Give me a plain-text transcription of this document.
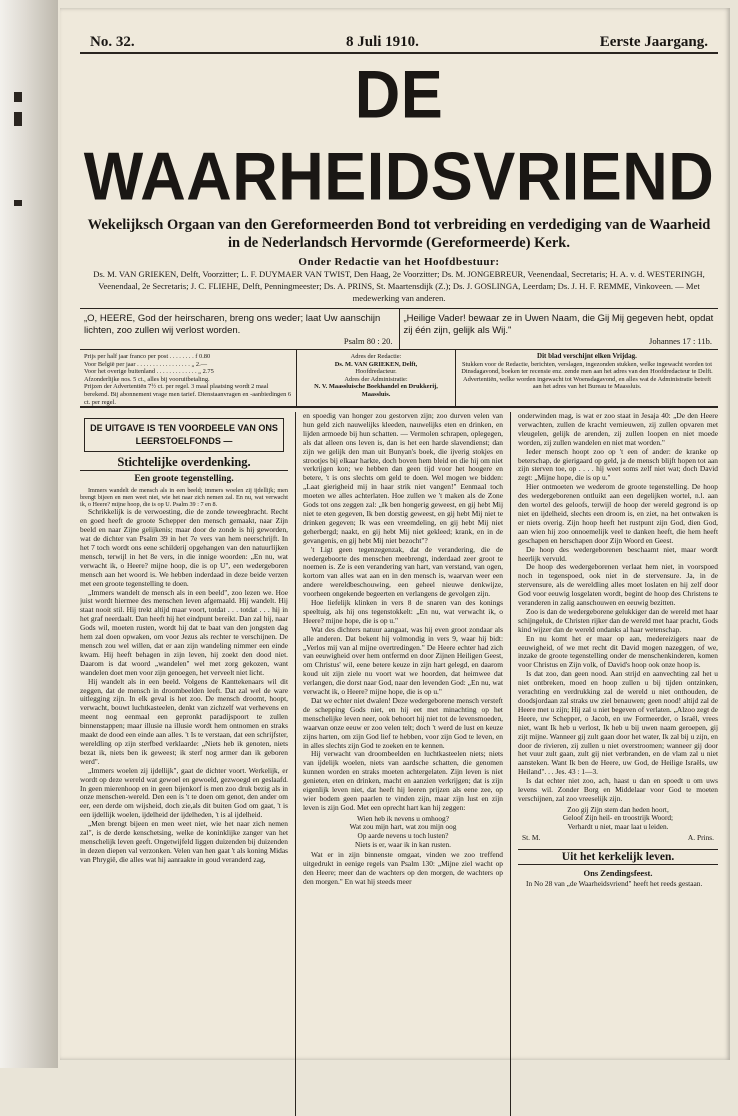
No. 32.	8 Juli 1910.	Eerste Jaargang.
DE WAARHEIDSVRIEND
Wekelijksch Orgaan van den Gereformeerden Bond tot verbreiding en verdediging van de Waarheid in de Nederlandsch Hervormde (Gereformeerde) Kerk.
Onder Redactie van het Hoofdbestuur:
Ds. M. VAN GRIEKEN, Delft, Voorzitter; L. F. DUYMAER VAN TWIST, Den Haag, 2e Voorzitter; Ds. M. JONGEBREUR, Veenendaal, Secretaris; H. A. v. d. WESTERINGH, Veenendaal, 2e Secretaris; J. C. FLIEHE, Delft, Penningmeester; Ds. A. PRINS, St. Maartensdijk (Z.); Ds. J. GOSLINGA, Leerdam; Ds. J. H. F. REMME, Vinkoveen. — Met medewerking van anderen.
„O, HEERE, God der heirscharen, breng ons weder; laat Uw aanschijn lichten, zoo zullen wij verlost worden.
Psalm 80 : 20.
„Heilige Vader! bewaar ze in Uwen Naam, die Gij Mij gegeven hebt, opdat zij één zijn, gelijk als Wij."
Johannes 17 : 11b.
Prijs per half jaar franco per post . . . . . . . . f 0.80
Voor België per jaar . . . . . . . . . . . . . . . . . „ 2.—
Voor het overige buitenland . . . . . . . . . . . . . „ 2.75
Afzonderlijke nos. 5 ct., alles bij vooruitbetaling.
Prijzen der Advertentiën 7½ ct. per regel. 3 maal plaatsing wordt 2 maal berekend. Bij abonnement vrage men tarief. Dienstaanvragen en -aanbiedingen 6 ct. per regel.
Adres der Redactie:
Ds. M. VAN GRIEKEN, Delft,
Hoofdredacteur.
Adres der Administratie:
N. V. Maassluische Boekhandel en Drukkerij, Maassluis.
Dit blad verschijnt elken Vrijdag.
Stukken voor de Redactie, berichten, verslagen, ingezonden stukken, welke ingewacht worden tot Dinsdagavond, boeken ter recensie enz. zende men aan het adres van den Hoofdredacteur te Delft. Advertentiën, welke worden ingewacht tot Woensdagavond, en alles wat de Administratie betreft aan het adres van het Bureau te Maassluis.
DE UITGAVE IS TEN VOORDEELE VAN ONS LEERSTOELFONDS —
Stichtelijke overdenking.
Een groote tegenstelling.

Immers wandelt de mensch als in een beeld; immers woelen zij ijdellijk; men brengt bijeen en men weet niet, wie het naar zich nemen zal. En nu, wat verwacht ik, o Heere? mijne hoop, die is op U. Psalm 39 : 7 en 8.

Schrikkelijk is de verwoesting, die de zonde teweegbracht. Recht en goed heeft de groote Schepper den mensch gemaakt, naar Zijn beeld en naar Zijne gelijkenis; maar door de zonde is hij geworden, wat de dichter van Psalm 39 in het 7e vers van hem neerschrijft. In het 7 toch wordt ons eene schilderij opgehangen van den natuurlijken mensch, terwijl in het 8e vers, in die innige woorden: „En nu, wat verwacht ik, o Heere? mijne hoop, die is op U", een wedergeboren mensch aan het woord is. We hebben inderdaad in deze beide verzen met een groote tegenstelling te doen.

„Immers wandelt de mensch als in een beeld", zoo lezen we. Hoe juist wordt hiermee des menschen leven afgemaald. Hij wandelt. Hij staat nooit stil. Hij trekt altijd maar voort, totdat . . . totdat . . . hij in het graf neerdaalt. Dan heeft hij het eindpunt bereikt. Dan zal hij, naar Gods wil, moeten rusten, wordt hij dat te baat van den jongsten dag hem zal doen opwaken, om voor Jezus als rechter te verschijnen. De mensch zou wel willen, dat er aan zijn wandeling nimmer een einde kwam. Hij heeft behagen in zijn leven, hij zoekt den dood niet. Daarom is dat woord „wandelen" wel met zorg gekozen, want wandelen doet men voor zijn genoegen, het verveelt niet licht.

Hij wandelt als in een beeld. Volgens de Kanttekenaars wil dit zeggen, dat de mensch in droombeelden leeft. Dat zal wel de ware uitlegging zijn. In elk geval is het zoo. De mensch droomt, hoopt, verwacht, bouwt luchtkasteelen, denkt van zichzelf wat verhevens en meent nog eenmaal een gepronkt paradijspoort te zullen binnenstappen; maar illusie na illusie wordt hem ontnomen en straks maakt de dood een einde aan alles. 't Is te verstaan, dat een schrijfster, wereldling op zijn sterfbed verklaarde: „Niets heb ik genoten, niets bezat ik, niets ben ik geweest; ik sterf nog armer dan ik geboren werd".

„Immers woelen zij ijdellijk", gaat de dichter voort. Werkelijk, er wordt op deze wereld wat gewoel en gewoeld, gezwoegd en geslaafd. In geen mierenhoop en in geen bijenkorf is men zoo druk bezig als in onze menschen-wereld. Den een is 't te doen om genot, den ander om eer, een derde om wijsheid, doch zie,als dit buiten God om gaat, 't is een ijdellijk woelen, ijdelheid der ijdelheden, 't is al ijdelheid.

„Men brengt bijeen en men weet niet, wie het naar zich nemen zal", is de derde kenschetsing, welke de koninklijke zanger van het menschelijk leven geeft. Ongetwijfeld liggen duizenden bij duizenden in dezen diepen val verzonken. Velen van hen gaat 't als koning Midas van Phrygië, die alles wat hij aanraakte in goud veranderd zag,

en spoedig van honger zou gestorven zijn; zoo durven velen van hun geld zich nauwelijks kleeden, nauwelijks eten en drinken, en lijden armoede bij hun schatten. — Vermolen schrapen, oplegegen, als dat alleen ons leven is, dan is het een harde slavendienst; dan zijn we gelijk den man uit Bunyan's boek, die ijverig stokjes en strootjes bij elkaar harkte, doch boven hem bleid en die hij om niet verkrijgen kon; we hebben dan geen tijd voor het hoogere en betere, 't is ons slechts om geld te doen. Wel mogen we bidden: „Laat gierigheid mij in haar strik niet vangen!" Eenmaal toch moeten we alles achterlaten. Hoe zullen we 't maken als de Zone Gods tot ons zeggen zal: „Ik ben hongerig geweest, en gij hebt Mij niet te eten gegeven, Ik ben dorstig geweest, en gij hebt Mij niet te drinken gegeven; Ik was een vreemdeling, en gij hebt Mij niet geherbergd; naakt, en gij hebt Mij niet gekleed; krank, en in de gevangenis, en gij hebt Mij niet bezocht"?

't Ligt geen tegenzegenzak, dat de verandering, die de wedergeboorte des menschen meebrengt, inderdaad zeer groot te noemen is. Ze is een verandering van hart, van verstand, van ogen, kortom van alles wat aan en in den mensch is, waarvan weer een andere wereldbeschouwing, een geheel nieuwe denkwijze, voorheen ongekende begeerten en verlangens de gevolgen zijn.

Hoe liefelijk klinken in vers 8 de snaren van des konings speeltuig, als hij ons tegenstokkelt: „En nu, wat verwacht ik, o Heere? mijne hope, die is op u."

Wat des dichters natuur aangaat, was hij even groot zondaar als alle anderen. Dat bekent hij volmondig in vers 9, waar hij bidt: „Verlos mij van al mijne overtredingen." De Heere echter had zich van eeuwigheid over hem ontfermd en door Zijnen Heiligen Geest, om Christus' wil, eene betere keuze in zijn hart gelegd, en daarom koud uit zijn ziele nu voort wat we hoorden, dat heimwee dat verlangen, die dorst naar God, naar den levenden God: „En nu, wat verwacht ik, o Heere? mijne hope, die is op u."

Dat we echter niet dwalen! Deze wedergeborene mensch versteft de schepping Gods niet, en hij eet met minachting op het menschelijke leven neer, ook behoort hij niet tot de levensmoeden, waarvan onze eeuw er zoo velen telt; doch 't werd de lust en keuze zijns harten, om zijn God lief te hebben, voor zijn God te leven, en in alles slechts zijn God te zoeken en te kennen.

Hij verwacht van droombeelden en luchtkasteelen niets; niets van ijdelijk woelen, niets van aardsche schatten, die genomen kunnen worden en straks moeten achtergelaten. Zijn leven is niet genieten, eten en drinken, macht en aanzien verkrijgen; dat is zijn eigenlijk leven niet, dat heeft hij leeren prijzen als eene zee, op wier bodem geen paarlen te vinden zijn, maar zijn lust en zijn leven is zijn God. Met een oprecht hart kan hij zeggen:

Wien heb ik nevens u omhoog?
Wat zou mijn hart, wat zou mijn oog
Op aarde nevens u toch lusten?
Niets is er, waar ik in kan rusten.

Wat er in zijn binnenste omgaat, vinden we zoo treffend uitgedrukt in eenige regels van Psalm 130: „Mijne ziel wacht op den Heere; meer dan de wachters op den morgen, de wachters op den morgen." En wat hij steeds meer

onderwinden mag, is wat er zoo staat in Jesaja 40: „De den Heere verwachten, zullen de kracht vernieuwen, zij zullen opvaren met vleugelen, gelijk de arenden, zij zullen loopen en niet moede worden, zij zullen wandelen en niet mat worden."

Ieder mensch hoopt zoo op 't een of ander: de kranke op beterschap, de gierigaard op geld, ja de mensch blijft hopen tot aan zijn sterven toe, op . . . . hij weet soms zelf niet wat; doch David zegt: „Mijne hope, die is op u."

Hier ontmoeten we wederom de groote tegenstelling. De hoop des wedergeborenen ontluikt aan een degelijken wortel, n.l. aan den wortel des geloofs, terwijl de hoop der wereld gegrond is op niet en ijdelheid, slechts een droom is, en ziet, na het ontwaken is er niets overig. Zijn hoop heeft het rustpunt zijn God, dien God, aan wien hij zoo onnoemelijk veel te danken heeft, die hem heeft geschapen en herschapen door Zijn Woord en Geest.

De hoop des wedergeborenen beschaamt niet, maar wordt heerlijk vervuld.

De hoop des wedergeborenen verlaat hem niet, in voorspoed noch in tegenspoed, ook niet in de stervensure. Ja, in de stervensure, als de wereldling alles moet loslaten en hij zelf door God voor eeuwig losgelaten wordt, begint de hoop des Christens te veranderen in zalig aanschouwen en eeuwig bezitten.

Zoo is dan de wedergeborene gelukkiger dan de wereld met haar schijngeluk, de Christen rijker dan de wereld met haar pracht, Gods kind wijzer dan de wereld ondanks al haar wetenschap.

En nu komt het er maar op aan, medereizigers naar de eeuwigheid, of we met recht dit David mogen nazeggen, of we, inzake de groote tegenstelling onder de menschenkinderen, komen voor Christus en Zijn volk, of David's hoop ook onze hoop is.

Is dat zoo, dan geen nood. Aan strijd en aanvechting zal het u niet ontbreken, moed en hoop zullen u bij tijden ontzinken, verachting en verdrukking zal de wereld u niet onthouden, de doodsjordaan zal straks uw ziel benauwen; geen nood! altijd zal de Heere met u zijn; Hij zal u niet begeven of verlaten. „Alzoo zegt de Heere, uw Schepper, o Jacob, en uw Formeerder, o Israël, vrees niet, want Ik heb u verlost, Ik heb u bij uwen naam geroepen, gij zijt mijne. Wanneer gij zult gaan door het water, Ik zal bij u zijn, en door de rivieren, zij zullen u niet overstroomen; wanneer gij door het vuur zult gaan, zult gij niet verbranden, en de vlam zal u niet aansteken. Want Ik ben de Heere, uw God, de Heilige Israëls, uw Heiland". . . Jes. 43 : 1—3.

Is dat echter niet zoo, ach, haast u dan en spoedt u om uws levens wil. Zonder Borg en Middelaar voor God te moeten verschijnen, zal zoo vreeselijk zijn.

Zoo gij Zijn stem dan heden hoort,
Geloof Zijn heil- en troostrijk Woord;
Verhardt u niet, maar laat u leiden.
St. M.	A. Prins.
Uit het kerkelijk leven.
Ons Zendingsfeest.

In No 28 van „de Waarheidsvriend" heeft het reeds gestaan.
